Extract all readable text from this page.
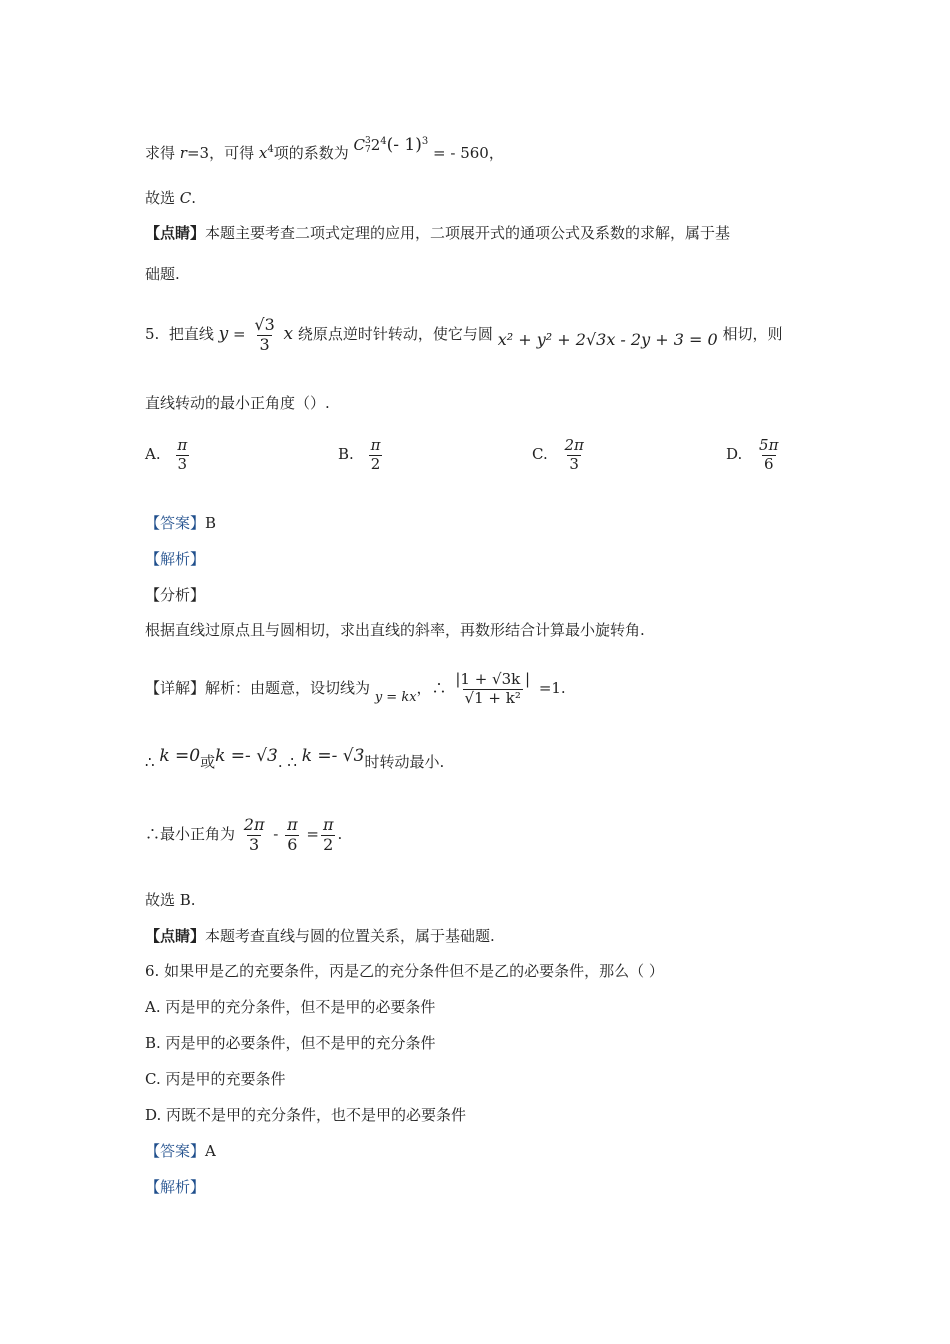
求得 r=3，可得 $x^4$项的系数为 C 3
7 $2^4(-$ 1)$^3$ = - 560，
故选 C.
【点睛】本题主要考查二项式定理的应用，二项展开式的通项公式及系数的求解，属于基
础题.
5. 把直线 $y = \frac{√3}{3}$ x 绕原点逆时针转动，使它与圆 x² + y² + 2√3x - 2y + 3 = 0 相切，则
直线转动的最小正角度（）.
A. $\frac{\pi}{3}$	B. $\frac{\pi}{2}$	C. $\frac{2\pi}{3}$	D. $\frac{5\pi}{6}$
【答案】B
【解析】
【分析】
根据直线过原点且与圆相切，求出直线的斜率，再数形结合计算最小旋转角.
【详解】解析：由题意，设切线为 y = kx，∴ $\frac{|1 + √3k |}{\text{√1 + k²}} =1$.
∴ k =0或k =- √3. ∴ k =- √3时转动最小.
∴最小正角为 $\frac{2\pi}{3} - \frac{\pi}{6} = \frac{\pi}{2}$ .
故选 B.
【点睛】本题考查直线与圆的位置关系，属于基础题.
6. 如果甲是乙的充要条件，丙是乙的充分条件但不是乙的必要条件，那么（ ）
A. 丙是甲的充分条件，但不是甲的必要条件
B. 丙是甲的必要条件，但不是甲的充分条件
C. 丙是甲的充要条件
D. 丙既不是甲的充分条件，也不是甲的必要条件
【答案】A
【解析】
